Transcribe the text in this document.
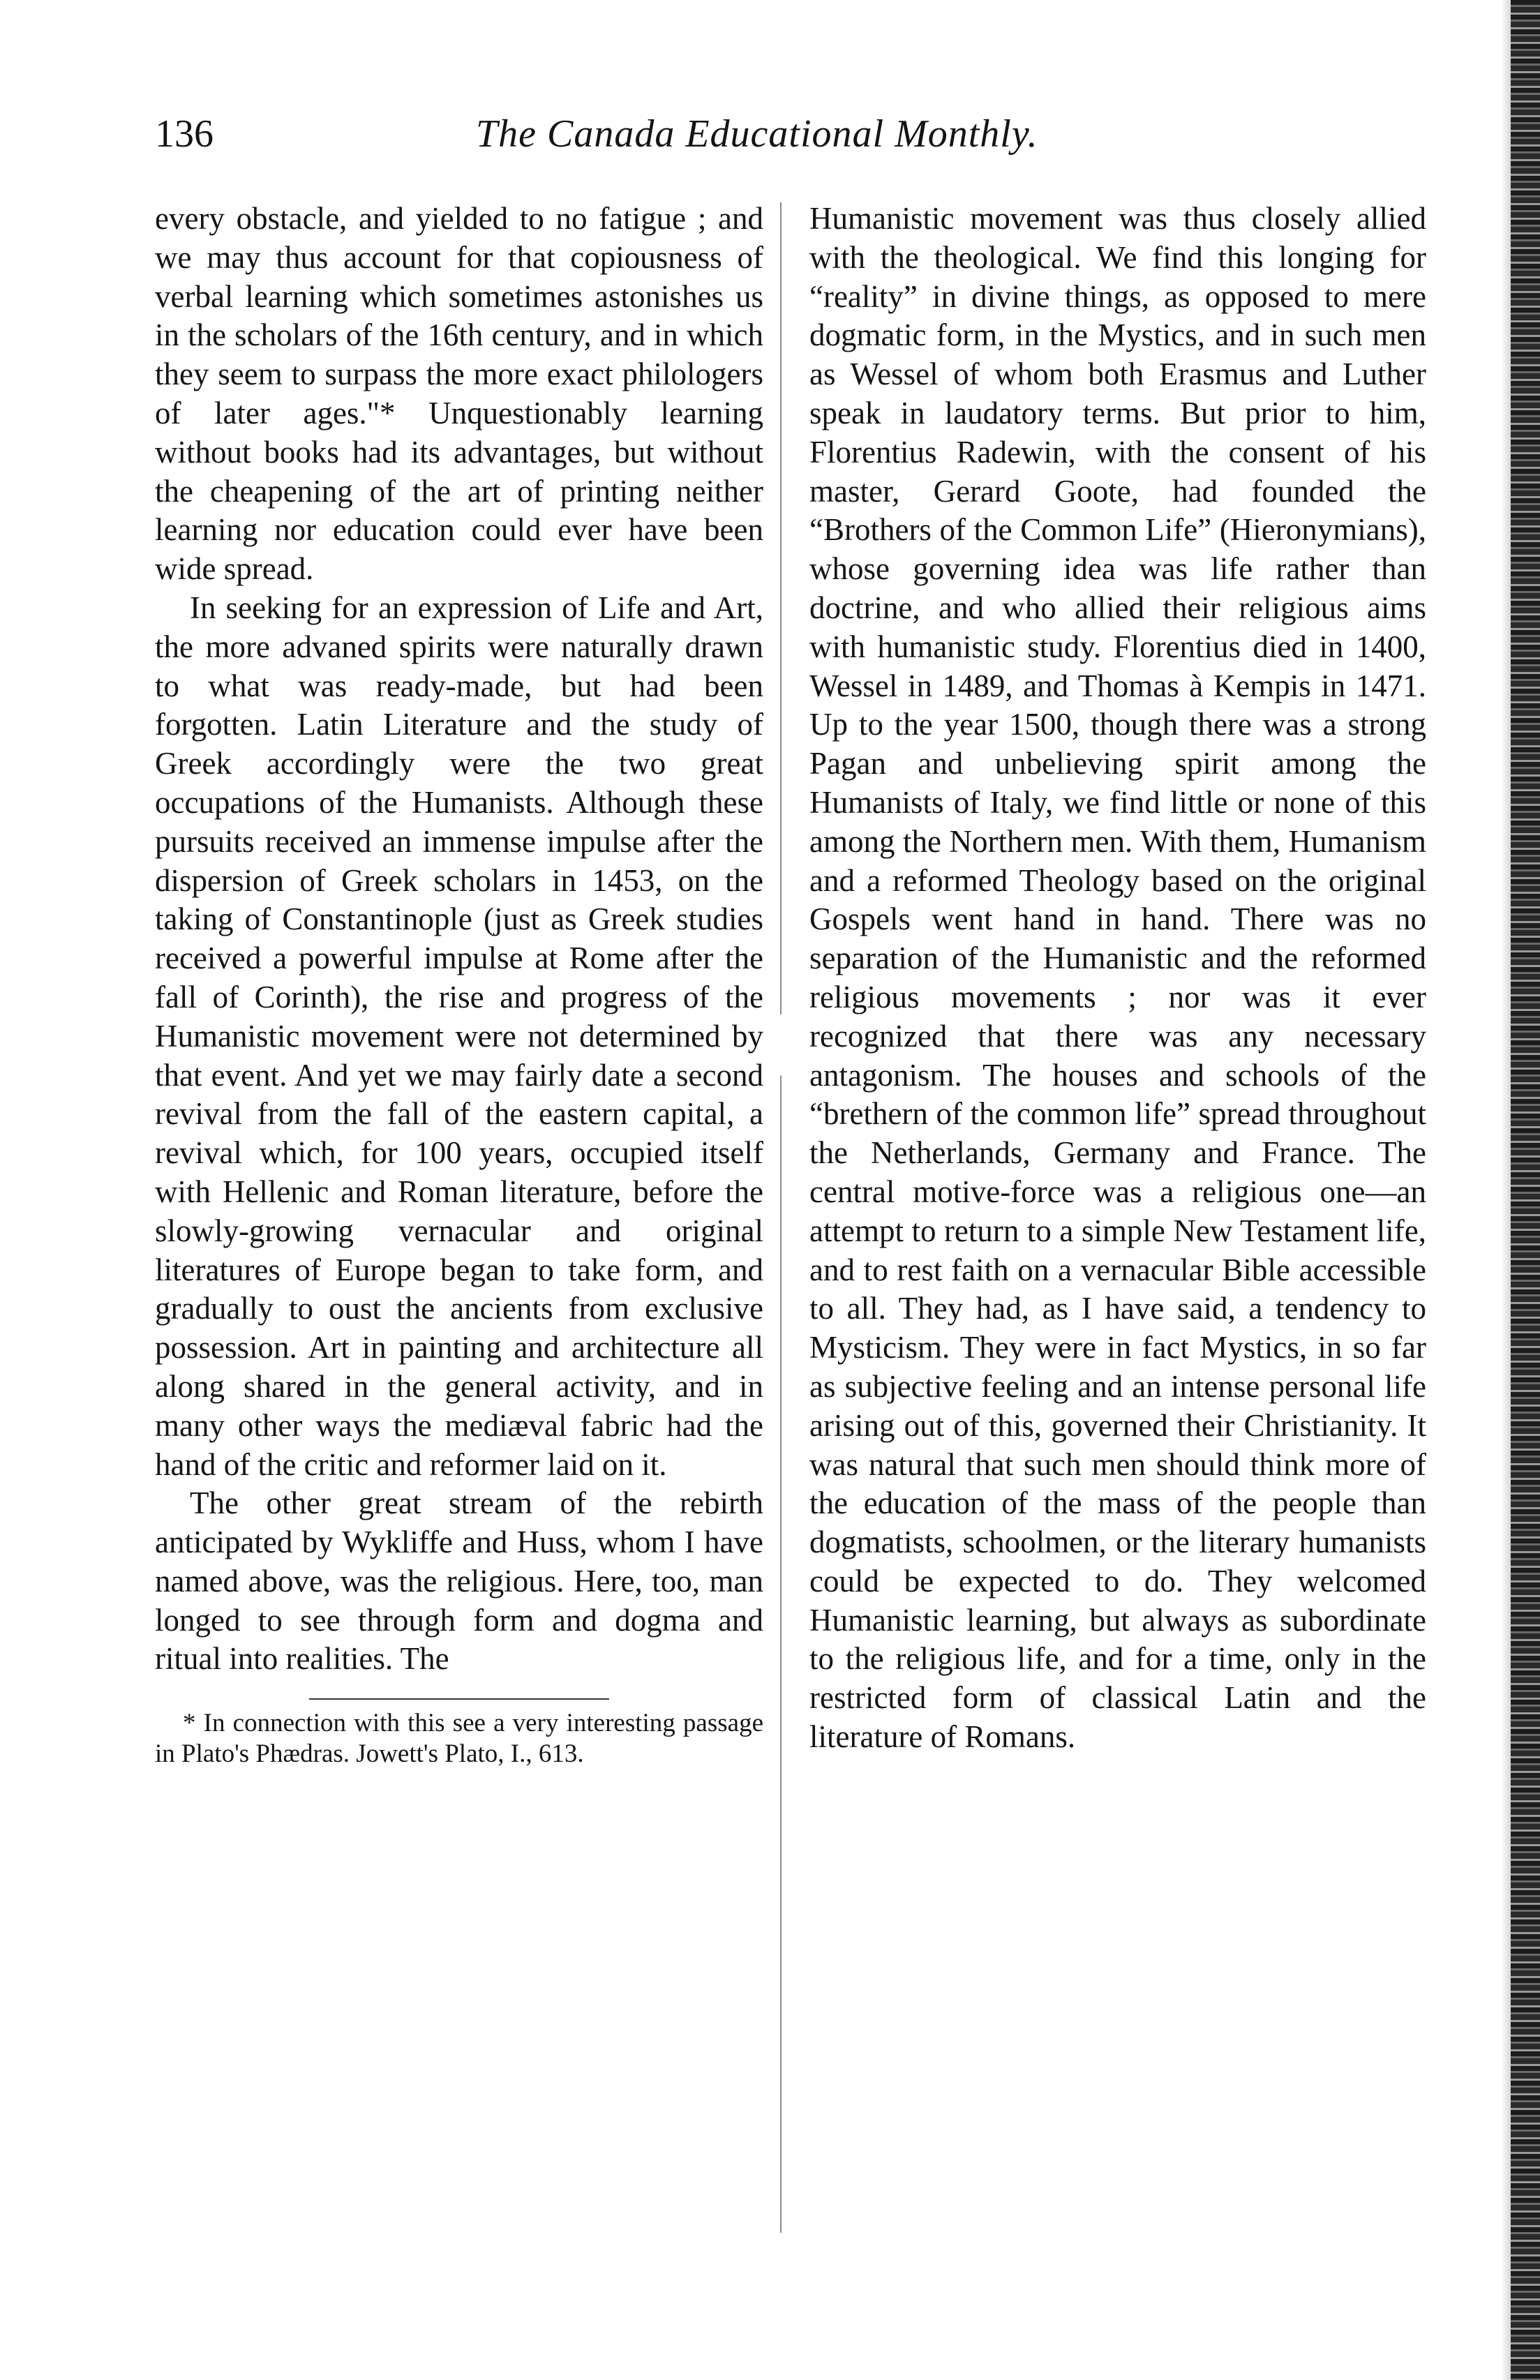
136	The Canada Educational Monthly.

every obstacle, and yielded to no fatigue ; and we may thus account for that copiousness of verbal learning which sometimes astonishes us in the scholars of the 16th century, and in which they seem to surpass the more exact philologers of later ages."* Unquestionably learning without books had its advantages, but without the cheapening of the art of printing neither learning nor education could ever have been wide spread.

In seeking for an expression of Life and Art, the more advaned spirits were naturally drawn to what was ready-made, but had been forgotten. Latin Literature and the study of Greek accordingly were the two great occupations of the Humanists. Although these pursuits received an immense impulse after the dispersion of Greek scholars in 1453, on the taking of Constantinople (just as Greek studies received a powerful impulse at Rome after the fall of Corinth), the rise and progress of the Humanistic movement were not determined by that event. And yet we may fairly date a second revival from the fall of the eastern capital, a revival which, for 100 years, occupied itself with Hellenic and Roman literature, before the slowly-growing vernacular and original literatures of Europe began to take form, and gradually to oust the ancients from exclusive possession. Art in painting and architecture all along shared in the general activity, and in many other ways the mediæval fabric had the hand of the critic and reformer laid on it.

The other great stream of the rebirth anticipated by Wykliffe and Huss, whom I have named above, was the religious. Here, too, man longed to see through form and dogma and ritual into realities. The

* In connection with this see a very interesting passage in Plato's Phædras. Jowett's Plato, I., 613.

Humanistic movement was thus closely allied with the theological. We find this longing for “reality” in divine things, as opposed to mere dogmatic form, in the Mystics, and in such men as Wessel of whom both Erasmus and Luther speak in laudatory terms. But prior to him, Florentius Radewin, with the consent of his master, Gerard Goote, had founded the “Brothers of the Common Life” (Hieronymians), whose governing idea was life rather than doctrine, and who allied their religious aims with humanistic study. Florentius died in 1400, Wessel in 1489, and Thomas à Kempis in 1471. Up to the year 1500, though there was a strong Pagan and unbelieving spirit among the Humanists of Italy, we find little or none of this among the Northern men. With them, Humanism and a reformed Theology based on the original Gospels went hand in hand. There was no separation of the Humanistic and the reformed religious movements ; nor was it ever recognized that there was any necessary antagonism. The houses and schools of the “brethern of the common life” spread throughout the Netherlands, Germany and France. The central motive-force was a religious one—an attempt to return to a simple New Testament life, and to rest faith on a vernacular Bible accessible to all. They had, as I have said, a tendency to Mysticism. They were in fact Mystics, in so far as subjective feeling and an intense personal life arising out of this, governed their Christianity. It was natural that such men should think more of the education of the mass of the people than dogmatists, schoolmen, or the literary humanists could be expected to do. They welcomed Humanistic learning, but always as subordinate to the religious life, and for a time, only in the restricted form of classical Latin and the literature of Romans.
